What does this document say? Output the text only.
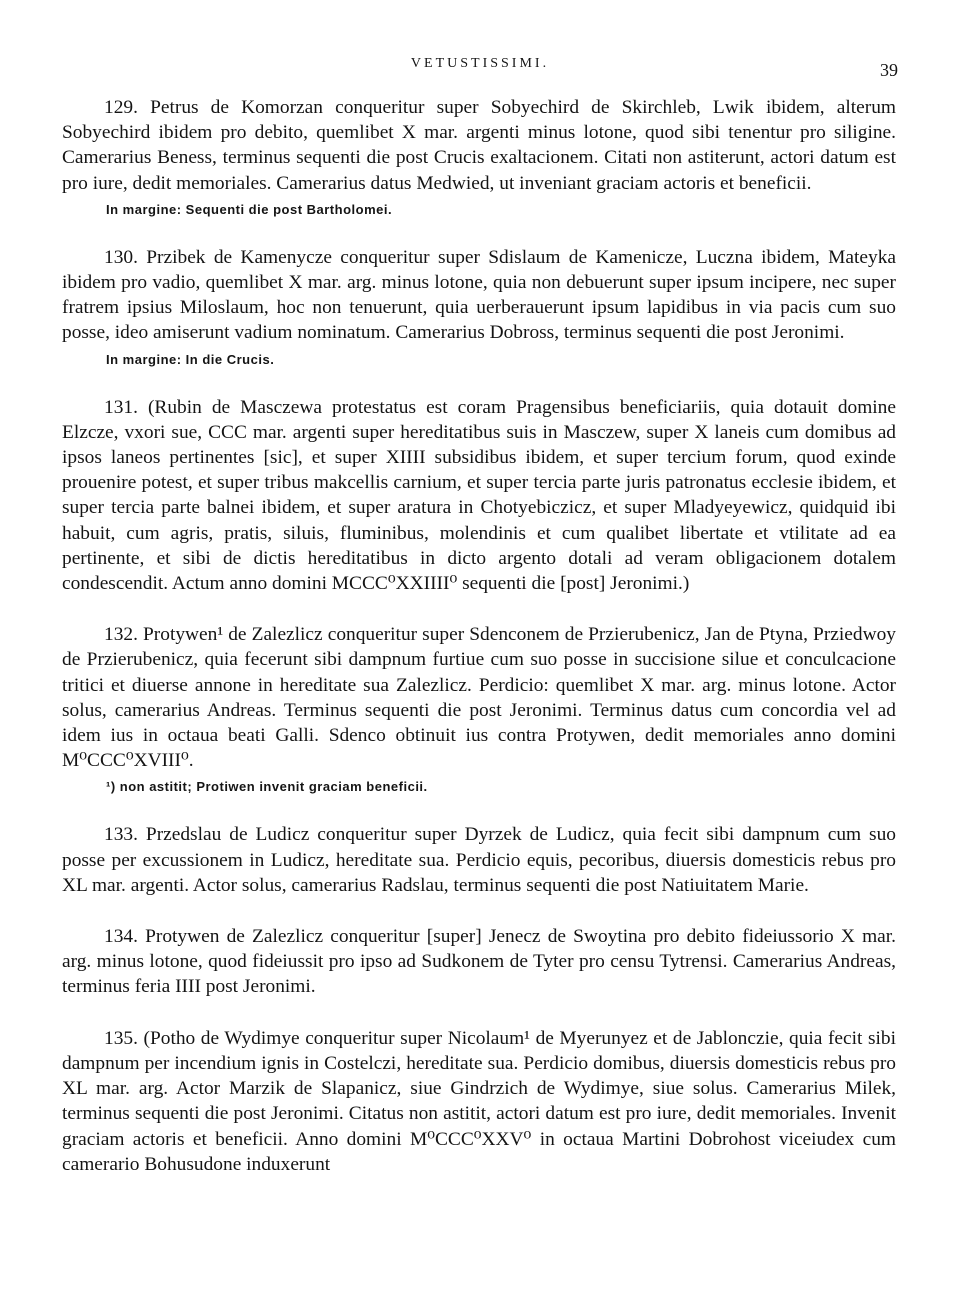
VETUSTISSIMI.	39

129. Petrus de Komorzan conqueritur super Sobyechird de Skirchleb, Lwik ibidem, alterum Sobyechird ibidem pro debito, quemlibet X mar. argenti minus lotone, quod sibi tenentur pro siligine. Camerarius Beness, terminus sequenti die post Crucis exaltacionem. Citati non astiterunt, actori datum est pro iure, dedit memoriales. Camerarius datus Medwied, ut inveniant graciam actoris et beneficii.

In margine: Sequenti die post Bartholomei.

130. Przibek de Kamenycze conqueritur super Sdislaum de Kamenicze, Luczna ibidem, Mateyka ibidem pro vadio, quemlibet X mar. arg. minus lotone, quia non debuerunt super ipsum incipere, nec super fratrem ipsius Miloslaum, hoc non tenuerunt, quia uerberauerunt ipsum lapidibus in via pacis cum suo posse, ideo amiserunt vadium nominatum. Camerarius Dobross, terminus sequenti die post Jeronimi.

In margine: In die Crucis.

131. (Rubin de Masczewa protestatus est coram Pragensibus beneficiariis, quia dotauit domine Elzcze, vxori sue, CCC mar. argenti super hereditatibus suis in Masczew, super X laneis cum domibus ad ipsos laneos pertinentes [sic], et super XIIII subsidibus ibidem, et super tercium forum, quod exinde prouenire potest, et super tribus makcellis carnium, et super tercia parte juris patronatus ecclesie ibidem, et super tercia parte balnei ibidem, et super aratura in Chotyebiczicz, et super Mladyeyewicz, quidquid ibi habuit, cum agris, pratis, siluis, fluminibus, molendinis et cum qualibet libertate et vtilitate ad ea pertinente, et sibi de dictis hereditatibus in dicto argento dotali ad veram obligacionem dotalem condescendit. Actum anno domini MCCC⁰XXIIII⁰ sequenti die [post] Jeronimi.)

132. Protywen¹ de Zalezlicz conqueritur super Sdenconem de Przierubenicz, Jan de Ptyna, Prziedwoy de Przierubenicz, quia fecerunt sibi dampnum furtiue cum suo posse in succisione silue et conculcacione tritici et diuerse annone in hereditate sua Zalezlicz. Perdicio: quemlibet X mar. arg. minus lotone. Actor solus, camerarius Andreas. Terminus sequenti die post Jeronimi. Terminus datus cum concordia vel ad idem ius in octaua beati Galli. Sdenco obtinuit ius contra Protywen, dedit memoriales anno domini M⁰CCC⁰XVIII⁰.

¹) non astitit; Protiwen invenit graciam beneficii.

133. Przedslau de Ludicz conqueritur super Dyrzek de Ludicz, quia fecit sibi dampnum cum suo posse per excussionem in Ludicz, hereditate sua. Perdicio equis, pecoribus, diuersis domesticis rebus pro XL mar. argenti. Actor solus, camerarius Radslau, terminus sequenti die post Natiuitatem Marie.

134. Protywen de Zalezlicz conqueritur [super] Jenecz de Swoytina pro debito fideiussorio X mar. arg. minus lotone, quod fideiussit pro ipso ad Sudkonem de Tyter pro censu Tytrensi. Camerarius Andreas, terminus feria IIII post Jeronimi.

135. (Potho de Wydimye conqueritur super Nicolaum¹ de Myerunyez et de Jablonczie, quia fecit sibi dampnum per incendium ignis in Costelczi, hereditate sua. Perdicio domibus, diuersis domesticis rebus pro XL mar. arg. Actor Marzik de Slapanicz, siue Gindrzich de Wydimye, siue solus. Camerarius Milek, terminus sequenti die post Jeronimi. Citatus non astitit, actori datum est pro iure, dedit memoriales. Invenit graciam actoris et beneficii. Anno domini M⁰CCC⁰XXV⁰ in octaua Martini Dobrohost viceiudex cum camerario Bohusudone induxerunt
